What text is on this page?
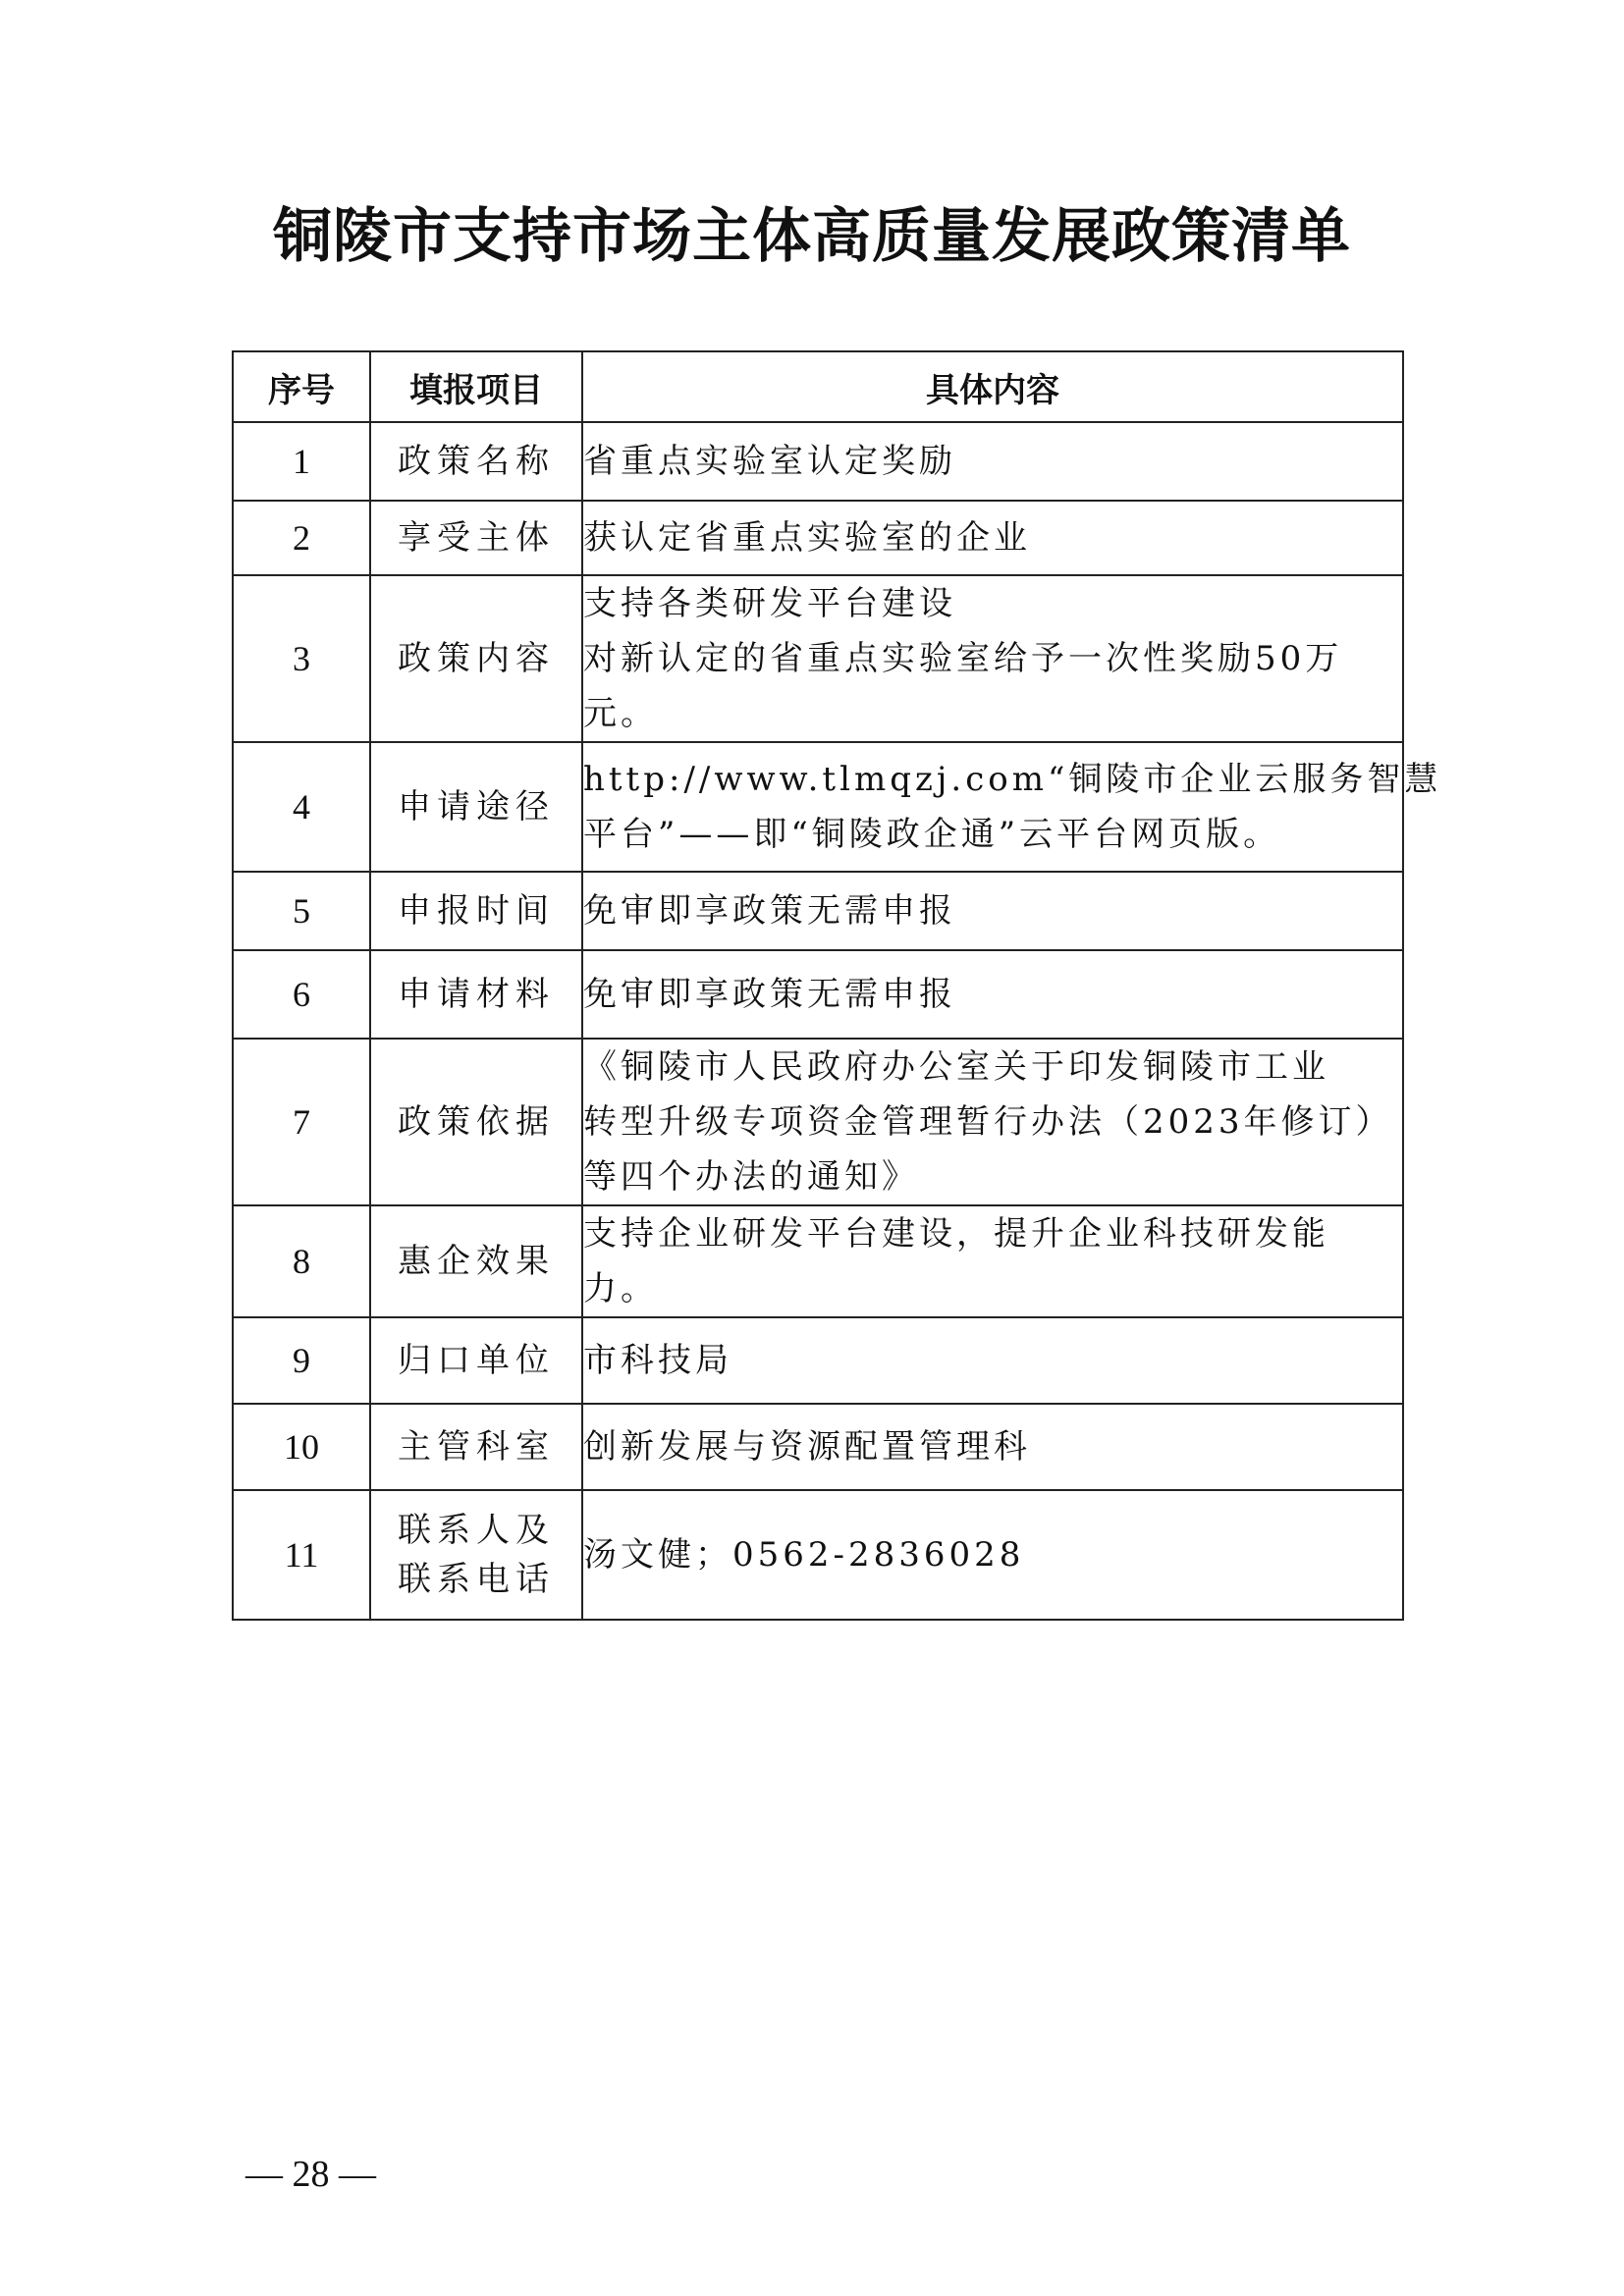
铜陵市支持市场主体高质量发展政策清单
序号	填报项目	具体内容
1	政策名称	省重点实验室认定奖励

2	享受主体	获认定省重点实验室的企业

3	政策内容	支持各类研发平台建设
对新认定的省重点实验室给予一次性奖励50万
元。

4	申请途径	http://www.tlmqzj.com“铜陵市企业云服务智慧
平台”——即“铜陵政企通”云平台网页版。

5	申报时间	免审即享政策无需申报

6	申请材料	免审即享政策无需申报

7	政策依据	《铜陵市人民政府办公室关于印发铜陵市工业
转型升级专项资金管理暂行办法（2023年修订）
等四个办法的通知》

8	惠企效果	支持企业研发平台建设，提升企业科技研发能
力。

9	归口单位	市科技局

10	主管科室	创新发展与资源配置管理科

11	联系人及
联系电话	汤文健；0562-2836028
— 28 —
